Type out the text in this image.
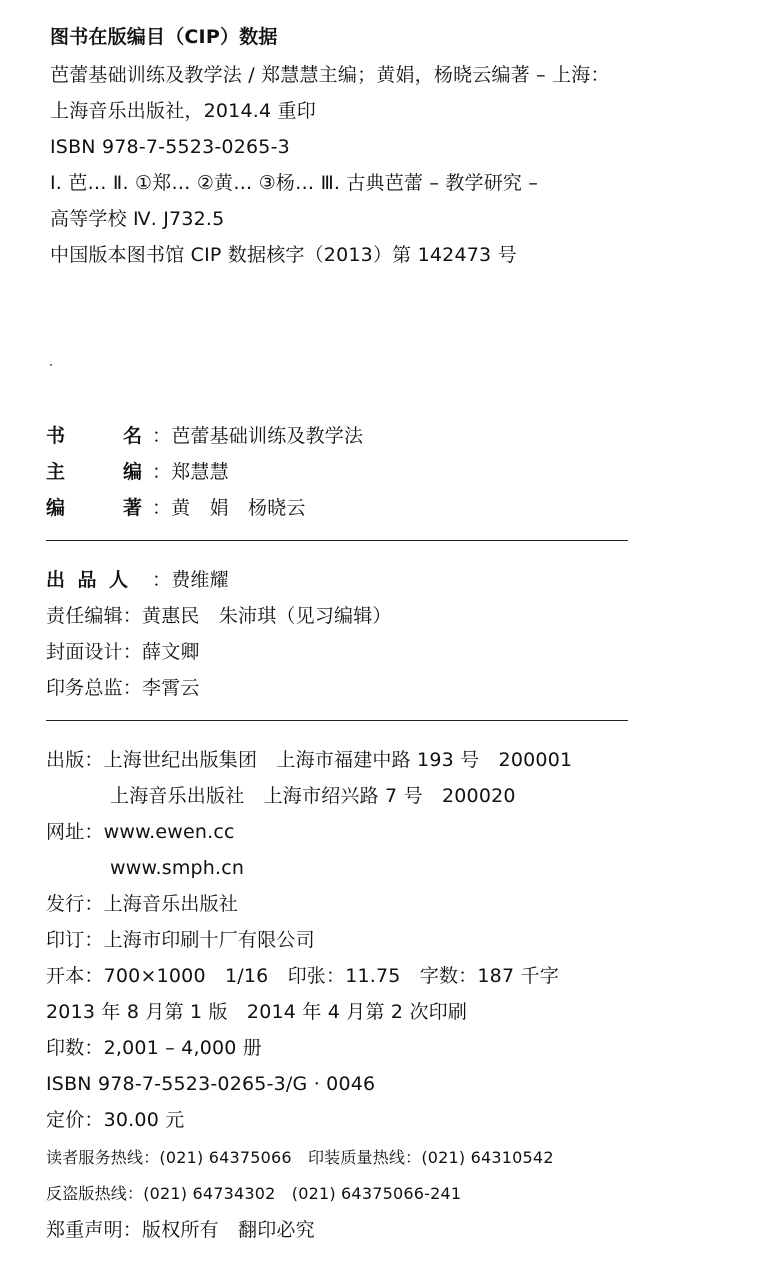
图书在版编目（CIP）数据
芭蕾基础训练及教学法 / 郑慧慧主编；黄娟，杨晓云编著 – 上海：
上海音乐出版社，2014.4 重印
ISBN 978-7-5523-0265-3
Ⅰ. 芭… Ⅱ. ①郑… ②黄… ③杨… Ⅲ. 古典芭蕾 – 教学研究 –
高等学校 Ⅳ. J732.5
中国版本图书馆 CIP 数据核字（2013）第 142473 号
书	名 ：芭蕾基础训练及教学法
主	编 ：郑慧慧
编	著 ：黄　娟　杨晓云
出 品 人 ：费维耀
责任编辑：黄惠民　朱沛琪（见习编辑）
封面设计：薛文卿
印务总监：李霄云
出版：上海世纪出版集团　上海市福建中路 193 号　200001
上海音乐出版社　上海市绍兴路 7 号　200020
网址：www.ewen.cc
www.smph.cn
发行：上海音乐出版社
印订：上海市印刷十厂有限公司
开本：700×1000　1/16　印张：11.75　字数：187 千字
2013 年 8 月第 1 版　2014 年 4 月第 2 次印刷
印数：2,001 – 4,000 册
ISBN 978-7-5523-0265-3/G · 0046
定价：30.00 元
读者服务热线：(021) 64375066　印装质量热线：(021) 64310542
反盗版热线：(021) 64734302　(021) 64375066-241
郑重声明：版权所有　翻印必究
